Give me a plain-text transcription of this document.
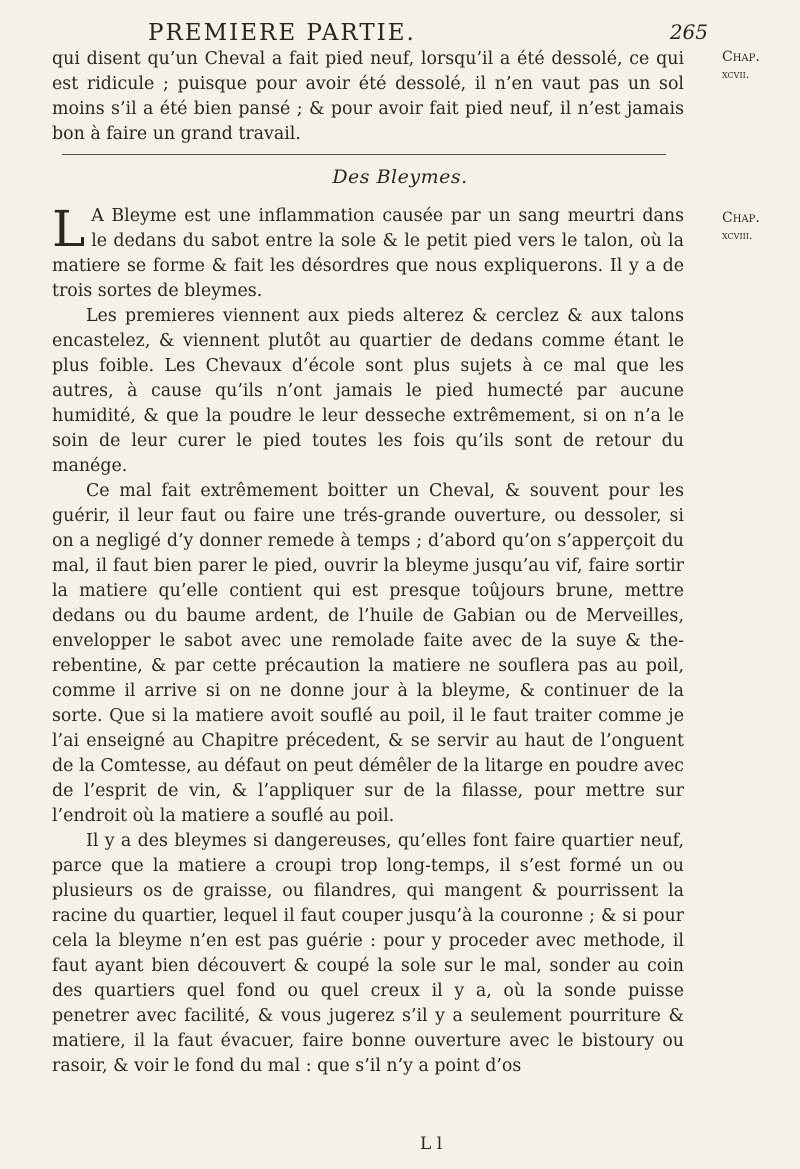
PREMIERE PARTIE.	265
Chap.
xcvii.

qui disent qu’un Cheval a fait pied neuf, lorsqu’il a été dessolé, ce qui est ridicule ; puisque pour avoir été dessolé, il n’en vaut pas un sol moins s’il a été bien pansé ; & pour avoir fait pied neuf, il n’est jamais bon à faire un grand travail.

Des Bleymes.
Chap.
xcviii.

L A Bleyme est une inflammation causée par un sang meurtri dans le dedans du sabot entre la sole & le petit pied vers le talon, où la matiere se forme & fait les désordres que nous expliquerons. Il y a de trois sortes de bleymes.

Les premieres viennent aux pieds alterez & cerclez & aux talons encastelez, & viennent plutôt au quartier de dedans comme étant le plus foible. Les Chevaux d’école sont plus sujets à ce mal que les autres, à cause qu’ils n’ont jamais le pied humecté par aucune humidité, & que la poudre le leur desseche extrêmement, si on n’a le soin de leur curer le pied toutes les fois qu’ils sont de retour du manége.

Ce mal fait extrêmement boitter un Cheval, & souvent pour les guérir, il leur faut ou faire une trés-grande ouverture, ou dessoler, si on a negligé d’y donner remede à temps ; d’abord qu’on s’apperçoit du mal, il faut bien parer le pied, ouvrir la bleyme jusqu’au vif, faire sortir la matiere qu’elle contient qui est presque toûjours brune, mettre dedans ou du baume ardent, de l’huile de Gabian ou de Merveilles, envelopper le sabot avec une remolade faite avec de la suye & the-rebentine, & par cette précaution la matiere ne souflera pas au poil, comme il arrive si on ne donne jour à la bleyme, & continuer de la sorte. Que si la matiere avoit souflé au poil, il le faut traiter comme je l’ai enseigné au Chapitre précedent, & se servir au haut de l’onguent de la Comtesse, au défaut on peut démêler de la litarge en poudre avec de l’esprit de vin, & l’appliquer sur de la filasse, pour mettre sur l’endroit où la matiere a souflé au poil.

Il y a des bleymes si dangereuses, qu’elles font faire quartier neuf, parce que la matiere a croupi trop long-temps, il s’est formé un ou plusieurs os de graisse, ou filandres, qui mangent & pourrissent la racine du quartier, lequel il faut couper jusqu’à la couronne ; & si pour cela la bleyme n’en est pas guérie : pour y proceder avec methode, il faut ayant bien découvert & coupé la sole sur le mal, sonder au coin des quartiers quel fond ou quel creux il y a, où la sonde puisse penetrer avec facilité, & vous jugerez s’il y a seulement pourriture & matiere, il la faut évacuer, faire bonne ouverture avec le bistoury ou rasoir, & voir le fond du mal : que s’il n’y a point d’os

L l
